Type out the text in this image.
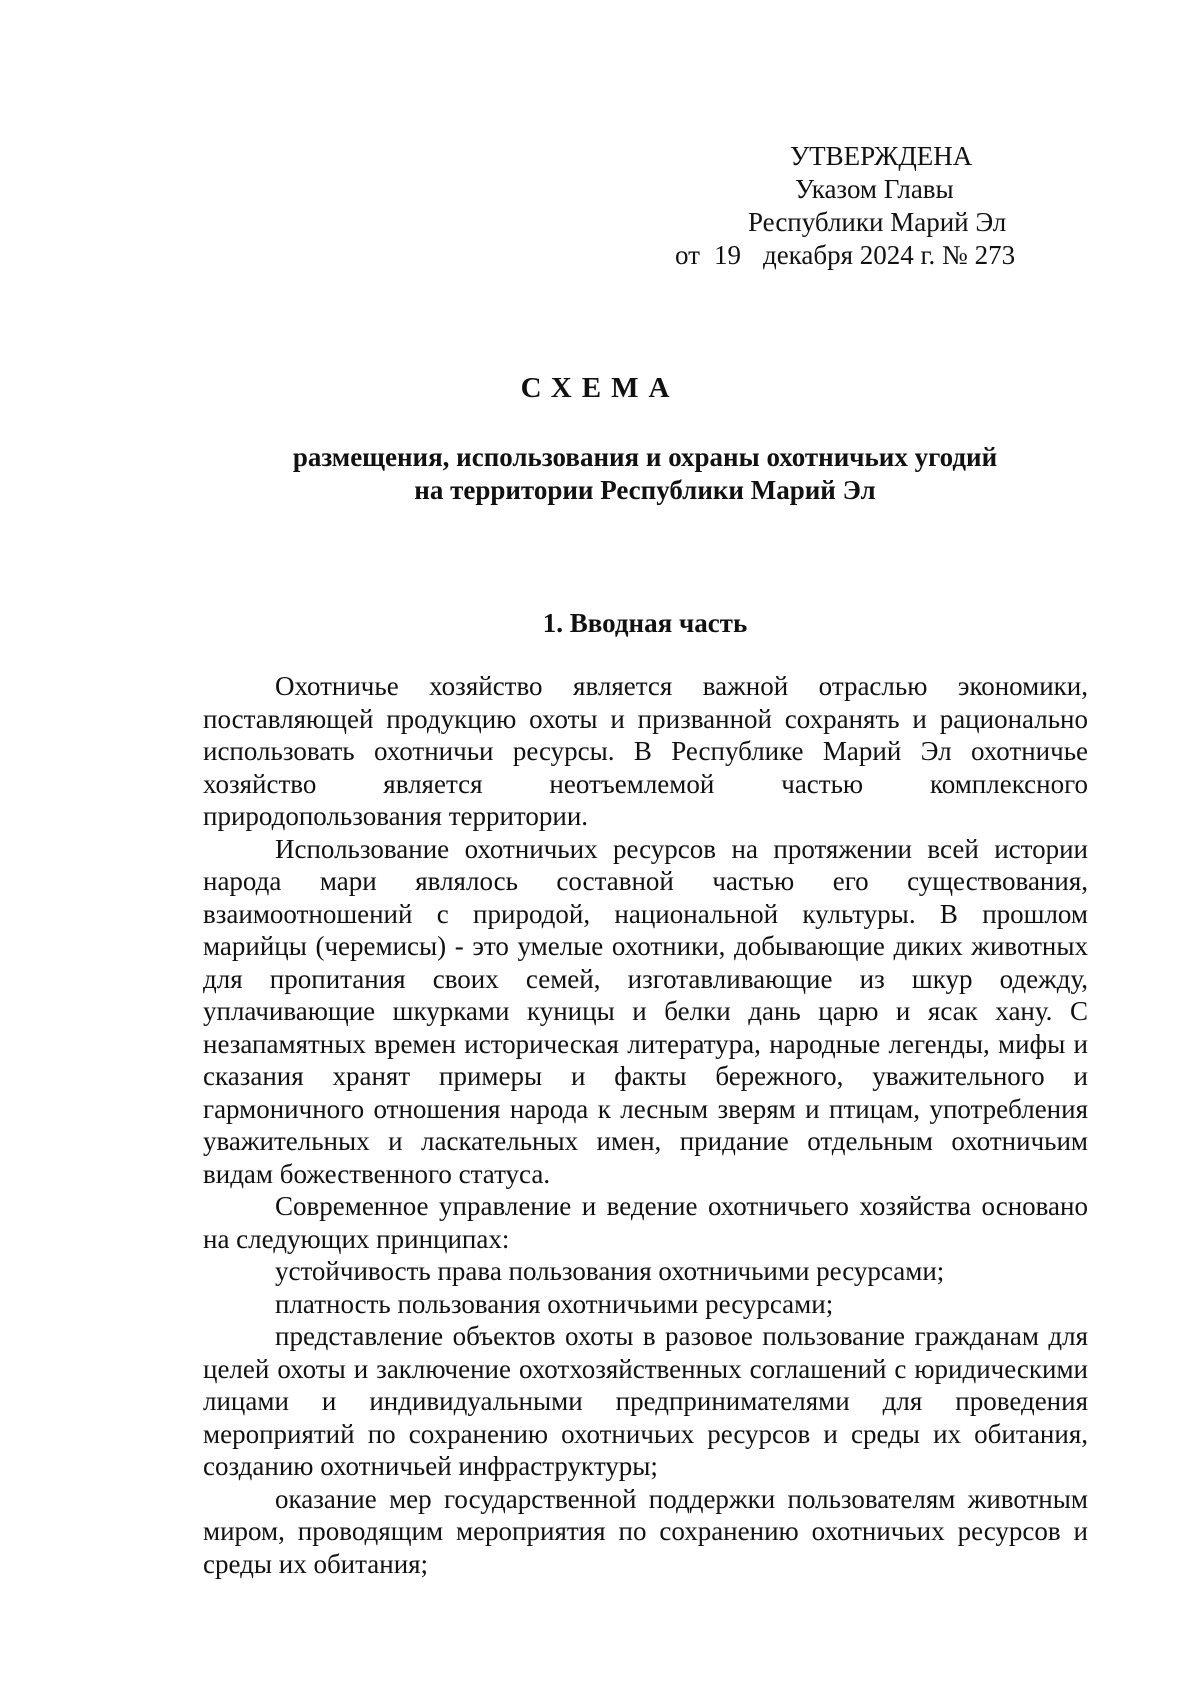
УТВЕРЖДЕНА
Указом Главы
Республики Марий Эл
от 19 декабря 2024 г. № 273
СХЕМА
размещения, использования и охраны охотничьих угодий
на территории Республики Марий Эл
1. Вводная часть

Охотничье хозяйство является важной отраслью экономики, поставляющей продукцию охоты и призванной сохранять и рационально использовать охотничьи ресурсы. В Республике Марий Эл охотничье хозяйство является неотъемлемой частью комплексного природопользования территории.

Использование охотничьих ресурсов на протяжении всей истории народа мари являлось составной частью его существования, взаимоотношений с природой, национальной культуры. В прошлом марийцы (черемисы) - это умелые охотники, добывающие диких животных для пропитания своих семей, изготавливающие из шкур одежду, уплачивающие шкурками куницы и белки дань царю и ясак хану. С незапамятных времен историческая литература, народные легенды, мифы и сказания хранят примеры и факты бережного, уважительного и гармоничного отношения народа к лесным зверям и птицам, употребления уважительных и ласкательных имен, придание отдельным охотничьим видам божественного статуса.

Современное управление и ведение охотничьего хозяйства основано на следующих принципах:

устойчивость права пользования охотничьими ресурсами;

платность пользования охотничьими ресурсами;

представление объектов охоты в разовое пользование гражданам для целей охоты и заключение охотхозяйственных соглашений с юридическими лицами и индивидуальными предпринимателями для проведения мероприятий по сохранению охотничьих ресурсов и среды их обитания, созданию охотничьей инфраструктуры;

оказание мер государственной поддержки пользователям животным миром, проводящим мероприятия по сохранению охотничьих ресурсов и среды их обитания;
